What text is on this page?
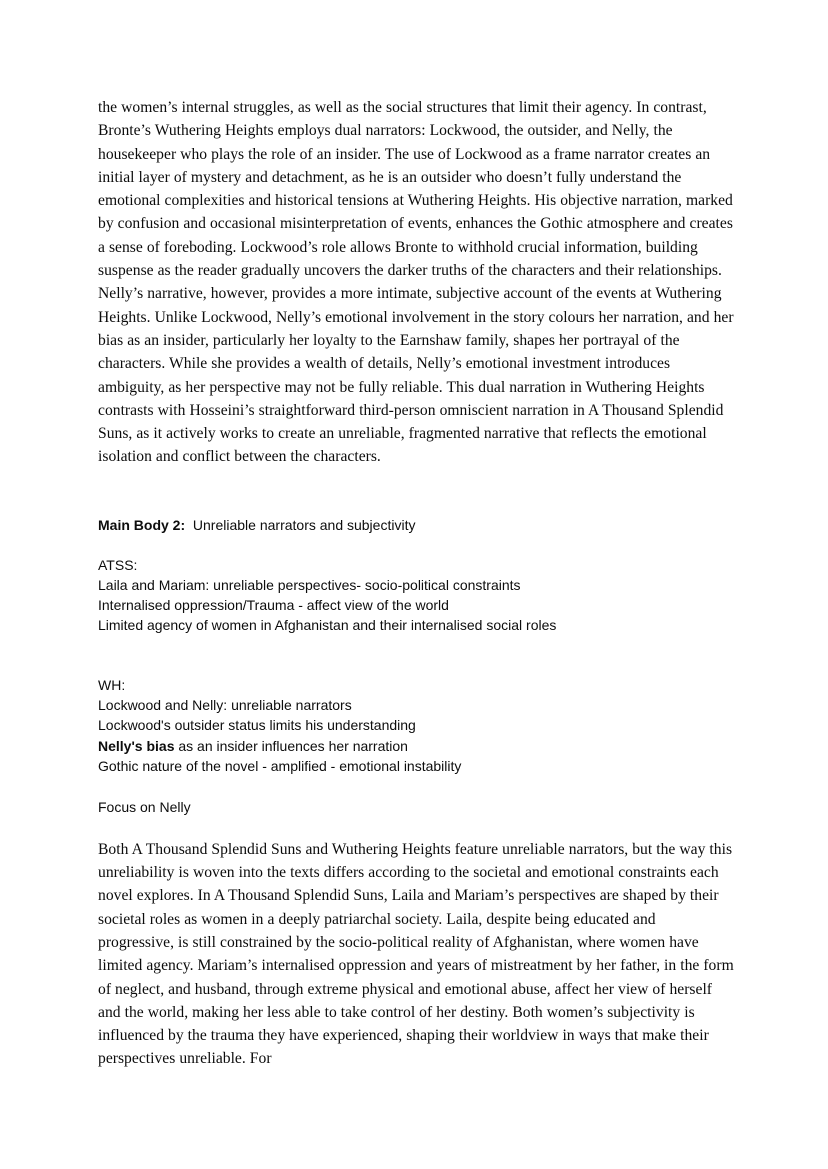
the women’s internal struggles, as well as the social structures that limit their agency. In contrast, Bronte’s Wuthering Heights employs dual narrators: Lockwood, the outsider, and Nelly, the housekeeper who plays the role of an insider. The use of Lockwood as a frame narrator creates an initial layer of mystery and detachment, as he is an outsider who doesn’t fully understand the emotional complexities and historical tensions at Wuthering Heights. His objective narration, marked by confusion and occasional misinterpretation of events, enhances the Gothic atmosphere and creates a sense of foreboding. Lockwood’s role allows Bronte to withhold crucial information, building suspense as the reader gradually uncovers the darker truths of the characters and their relationships. Nelly’s narrative, however, provides a more intimate, subjective account of the events at Wuthering Heights. Unlike Lockwood, Nelly’s emotional involvement in the story colours her narration, and her bias as an insider, particularly her loyalty to the Earnshaw family, shapes her portrayal of the characters. While she provides a wealth of details, Nelly’s emotional investment introduces ambiguity, as her perspective may not be fully reliable. This dual narration in Wuthering Heights contrasts with Hosseini’s straightforward third-person omniscient narration in A Thousand Splendid Suns, as it actively works to create an unreliable, fragmented narrative that reflects the emotional isolation and conflict between the characters.

Main Body 2: Unreliable narrators and subjectivity
ATSS:
Laila and Mariam: unreliable perspectives- socio-political constraints
Internalised oppression/Trauma - affect view of the world
Limited agency of women in Afghanistan and their internalised social roles
WH:
Lockwood and Nelly: unreliable narrators
Lockwood's outsider status limits his understanding
Nelly's bias as an insider influences her narration
Gothic nature of the novel - amplified - emotional instability
Focus on Nelly

Both A Thousand Splendid Suns and Wuthering Heights feature unreliable narrators, but the way this unreliability is woven into the texts differs according to the societal and emotional constraints each novel explores. In A Thousand Splendid Suns, Laila and Mariam’s perspectives are shaped by their societal roles as women in a deeply patriarchal society. Laila, despite being educated and progressive, is still constrained by the socio-political reality of Afghanistan, where women have limited agency. Mariam’s internalised oppression and years of mistreatment by her father, in the form of neglect, and husband, through extreme physical and emotional abuse, affect her view of herself and the world, making her less able to take control of her destiny. Both women’s subjectivity is influenced by the trauma they have experienced, shaping their worldview in ways that make their perspectives unreliable. For
